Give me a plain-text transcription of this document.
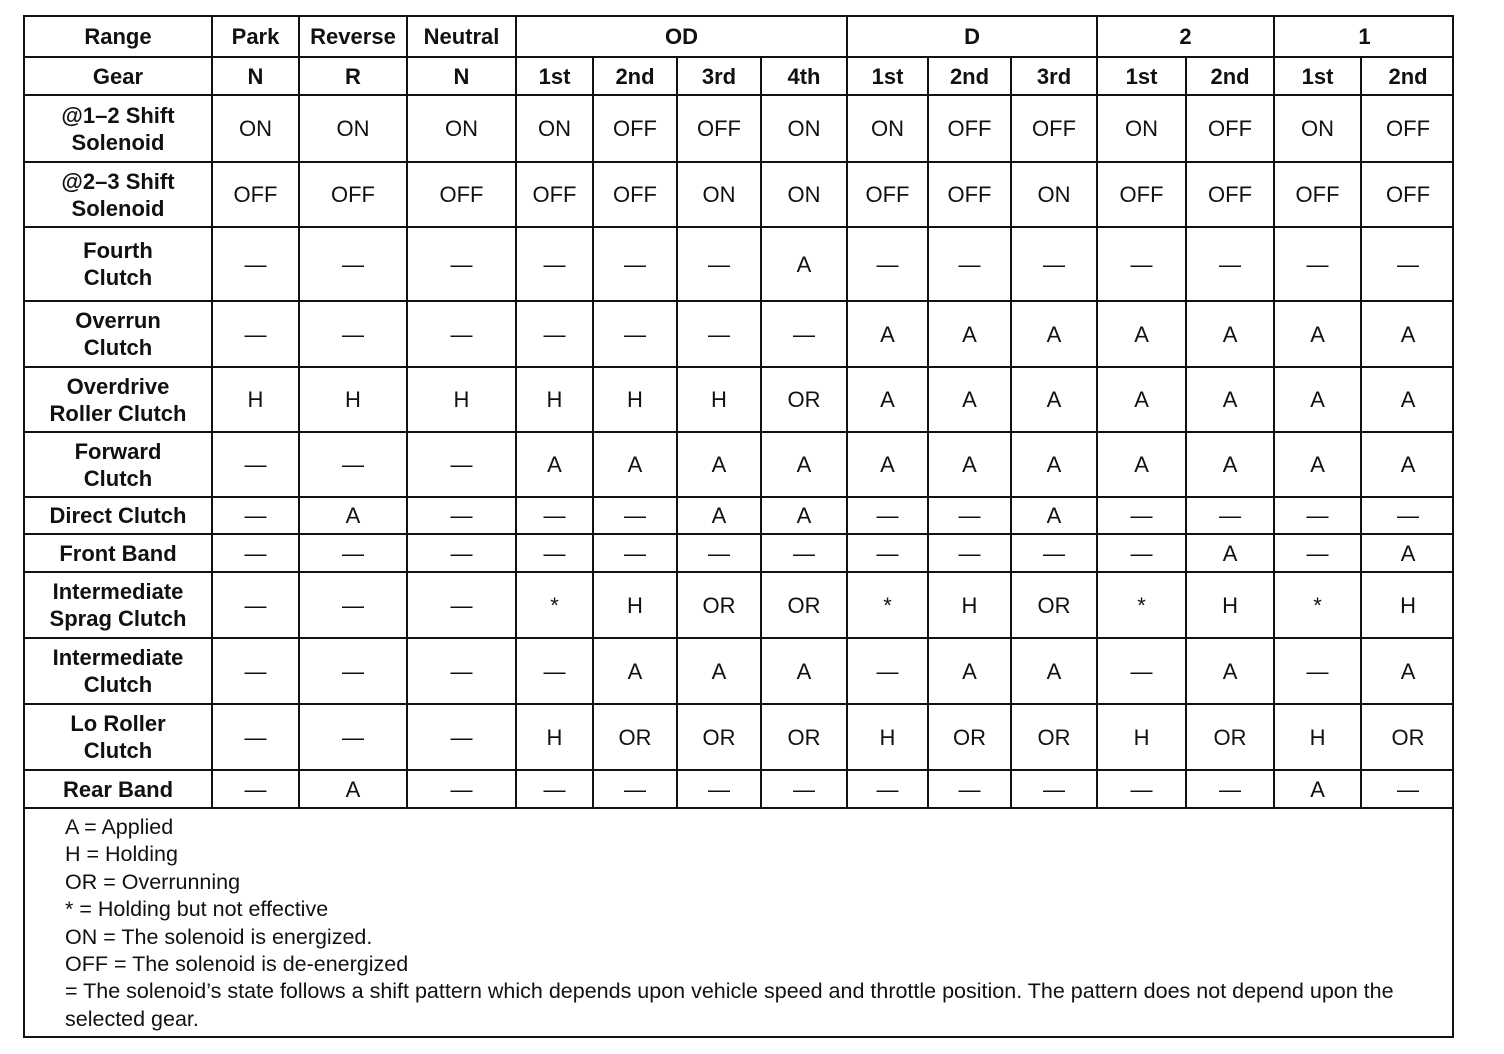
Range	Park	Reverse	Neutral	OD				D			2		1	
Gear	N	R	N	1st	2nd	3rd	4th	1st	2nd	3rd	1st	2nd	1st	2nd
@1–2 Shift
Solenoid	ON	ON	ON	ON	OFF	OFF	ON	ON	OFF	OFF	ON	OFF	ON	OFF
@2–3 Shift
Solenoid	OFF	OFF	OFF	OFF	OFF	ON	ON	OFF	OFF	ON	OFF	OFF	OFF	OFF
Fourth
Clutch	—	—	—	—	—	—	A	—	—	—	—	—	—	—
Overrun
Clutch	—	—	—	—	—	—	—	A	A	A	A	A	A	A
Overdrive
Roller Clutch	H	H	H	H	H	H	OR	A	A	A	A	A	A	A
Forward
Clutch	—	—	—	A	A	A	A	A	A	A	A	A	A	A
Direct Clutch	—	A	—	—	—	A	A	—	—	A	—	—	—	—
Front Band	—	—	—	—	—	—	—	—	—	—	—	A	—	A
Intermediate
Sprag Clutch	—	—	—	*	H	OR	OR	*	H	OR	*	H	*	H
Intermediate
Clutch	—	—	—	—	A	A	A	—	A	A	—	A	—	A
Lo Roller
Clutch	—	—	—	H	OR	OR	OR	H	OR	OR	H	OR	H	OR
Rear Band	—	A	—	—	—	—	—	—	—	—	—	—	A	—
A = Applied
H = Holding
OR = Overrunning
* = Holding but not effective
ON = The solenoid is energized.
OFF = The solenoid is de-energized
= The solenoid’s state follows a shift pattern which depends upon vehicle speed and throttle position. The pattern does not depend upon the selected gear.
